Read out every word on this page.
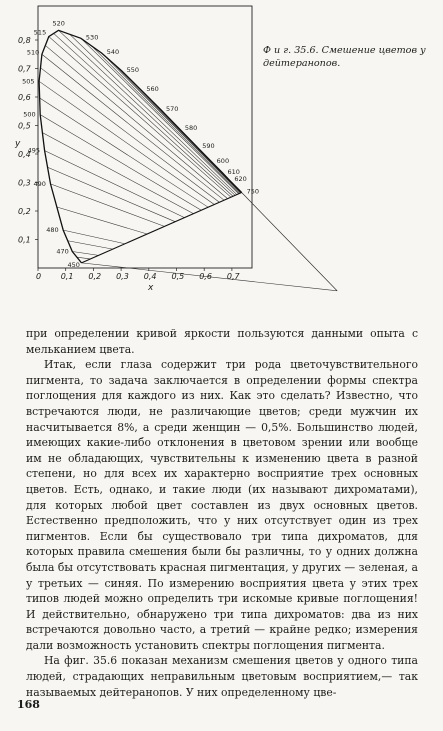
450
470
480
490
495
500
505
510
515
520
530
540
550
560
570
580
590
600
610
620
750
0 0,1 0,2 0,3 0,4 0,5 0,6 0,7
0,1
0,2
0,3
0,4
0,5
0,6
0,7
0,8
x
y
Ф и г. 35.6. Смешение цветов у дейтеранопов.

при определении кривой яркости пользуются данными опыта с мельканием цвета.

Итак, если глаза содержит три рода цветочувствительного пигмента, то задача заключается в определении формы спектра поглощения для каждого из них. Как это сделать? Известно, что встречаются люди, не различающие цветов; среди мужчин их насчитывается 8%, а среди женщин — 0,5%. Большинство людей, имеющих какие-либо отклонения в цветовом зрении или вообще им не обладающих, чувствительны к изменению цвета в разной степени, но для всех их характерно восприятие трех основных цветов. Есть, однако, и такие люди (их называют дихроматами), для которых любой цвет составлен из двух основных цветов. Естественно предположить, что у них отсутствует один из трех пигментов. Если бы существовало три типа дихроматов, для которых правила смешения были бы различны, то у одних должна была бы отсутствовать красная пигментация, у других — зеленая, а у третьих — синяя. По измерению восприятия цвета у этих трех типов людей можно определить три искомые кривые поглощения! И действительно, обнаружено три типа дихроматов: два из них встречаются довольно часто, а третий — крайне редко; измерения дали возможность установить спектры поглощения пигмента.

На фиг. 35.6 показан механизм смешения цветов у одного типа людей, страдающих неправильным цветовым восприятием,— так называемых дейтеранопов. У них определенному цве-

168
